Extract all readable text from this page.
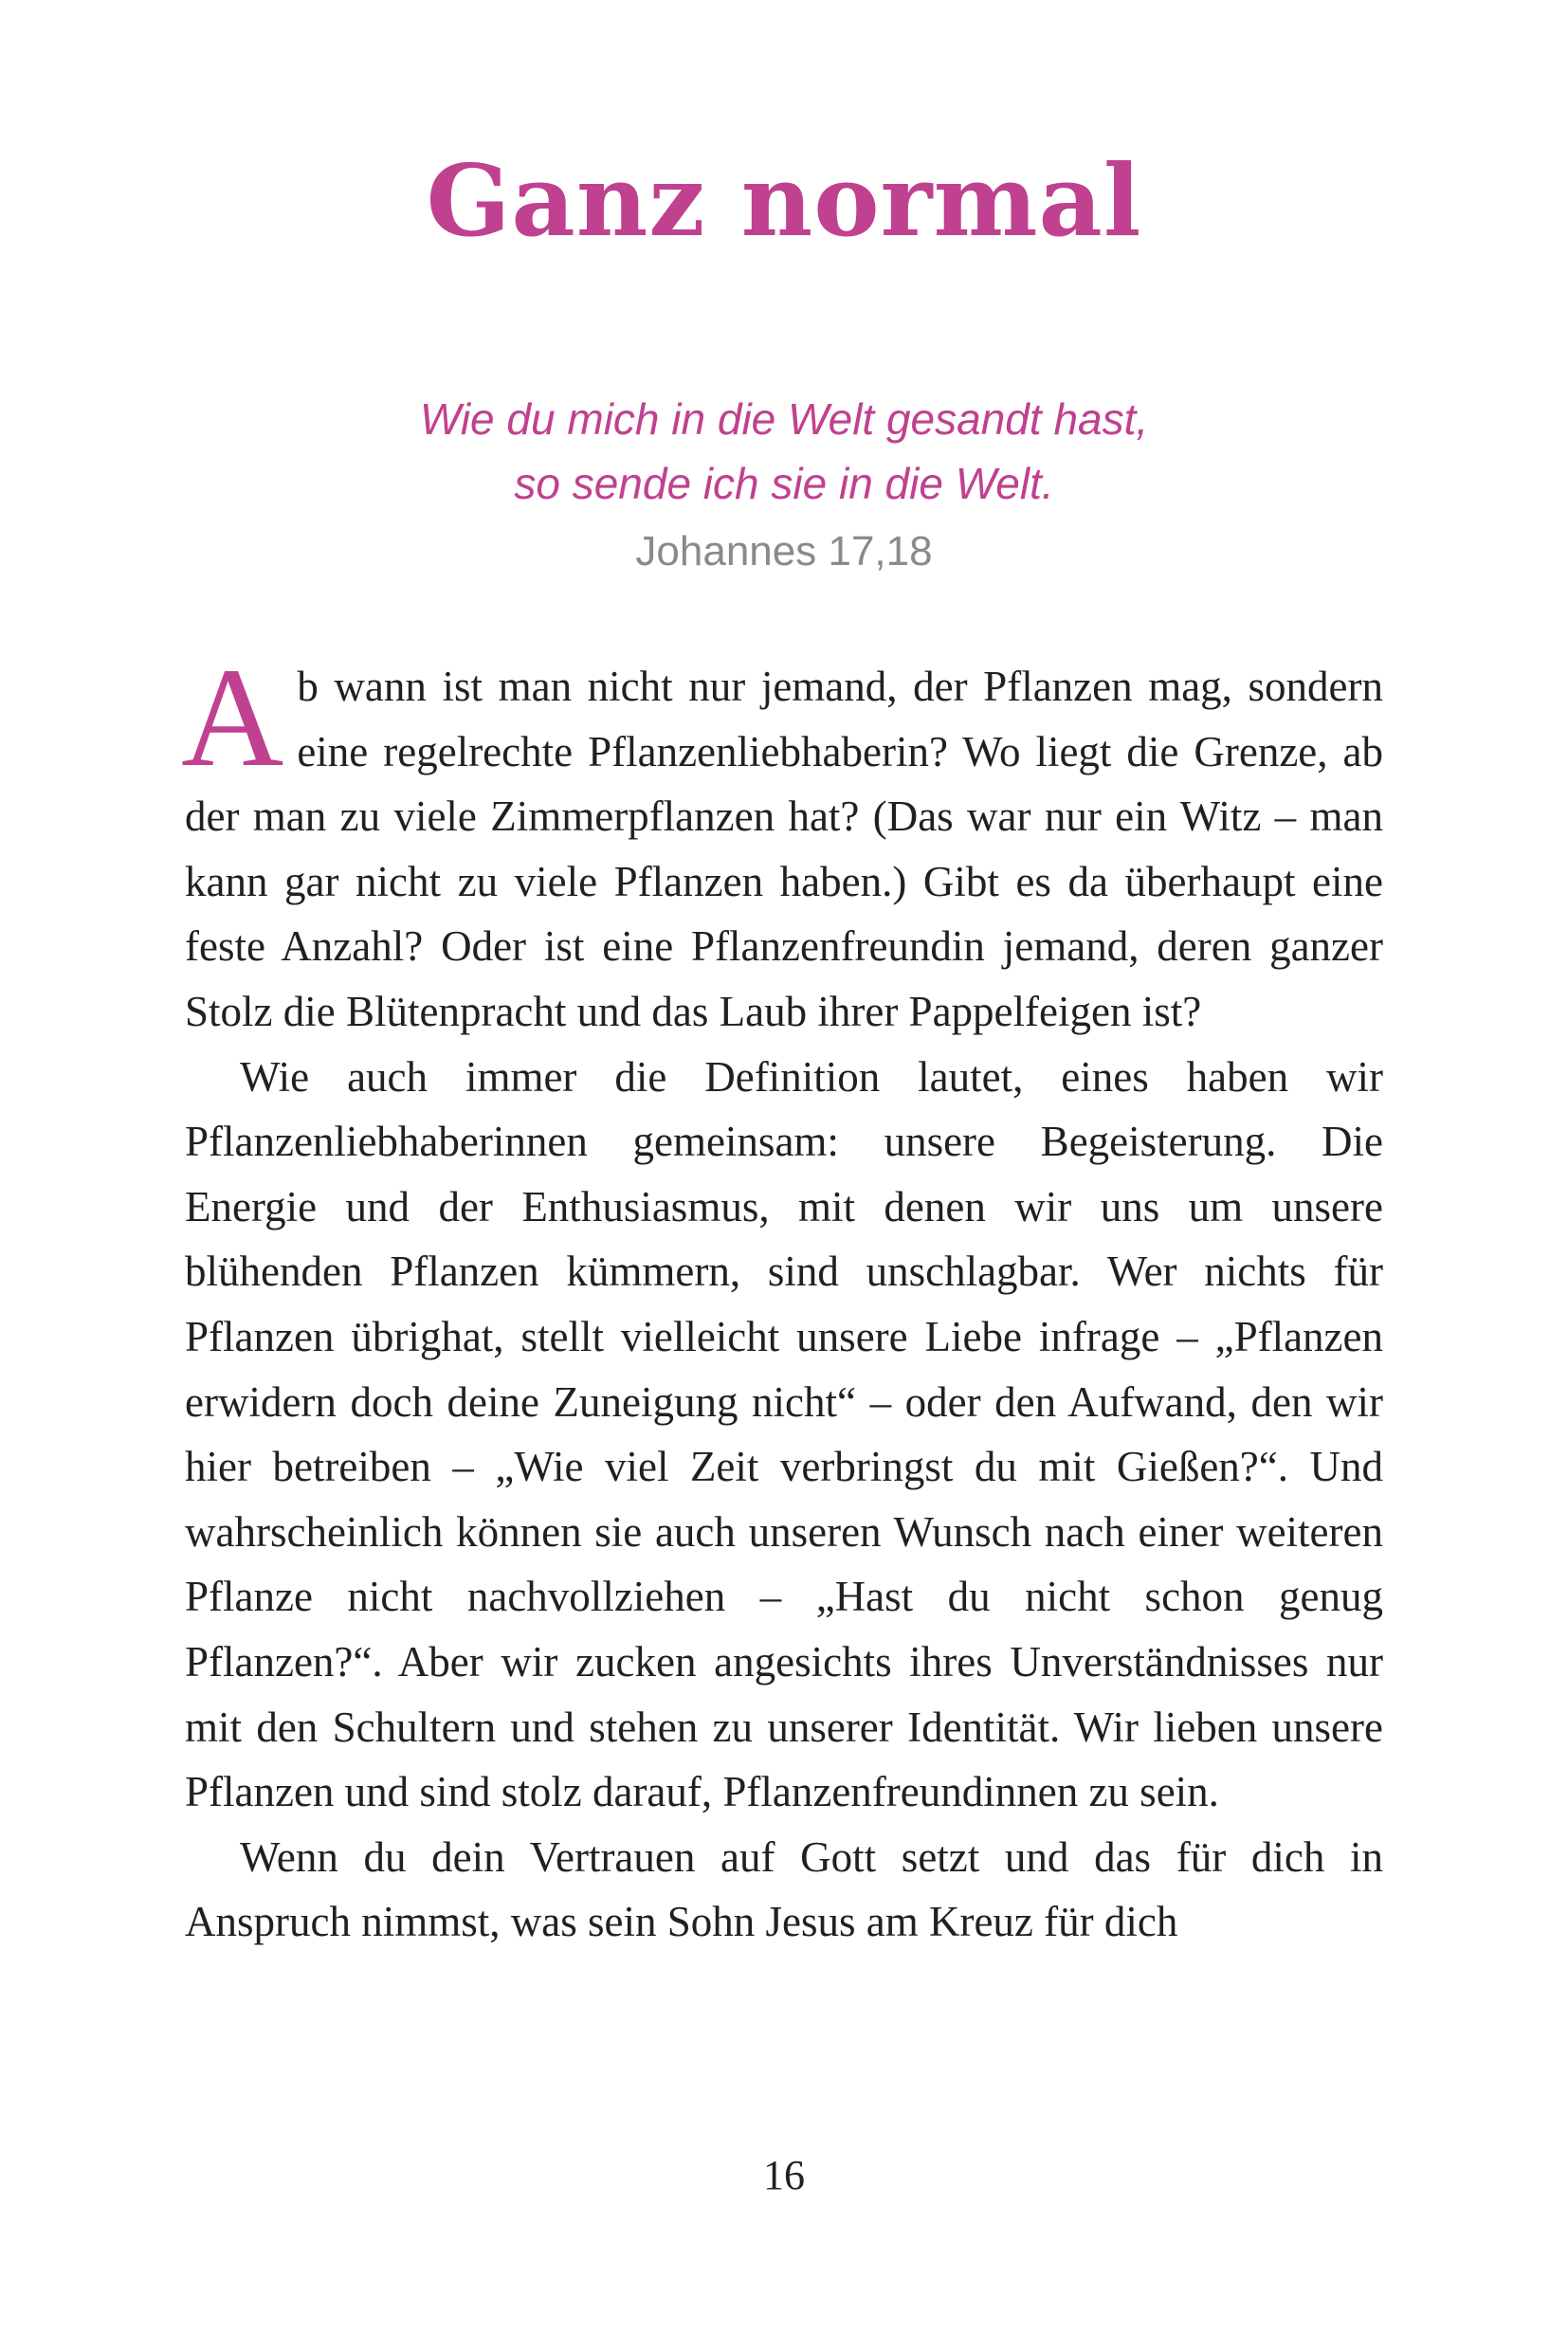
Ganz normal
Wie du mich in die Welt gesandt hast,
so sende ich sie in die Welt.
Johannes 17,18

Ab wann ist man nicht nur jemand, der Pflanzen mag, sondern eine regelrechte Pflanzenliebhaberin? Wo liegt die Grenze, ab der man zu viele Zimmerpflanzen hat? (Das war nur ein Witz – man kann gar nicht zu viele Pflanzen haben.) Gibt es da überhaupt eine feste Anzahl? Oder ist eine Pflanzenfreundin jemand, deren ganzer Stolz die Blütenpracht und das Laub ihrer Pappelfeigen ist?

Wie auch immer die Definition lautet, eines haben wir Pflanzenliebhaberinnen gemeinsam: unsere Begeisterung. Die Energie und der Enthusiasmus, mit denen wir uns um unsere blühenden Pflanzen kümmern, sind unschlagbar. Wer nichts für Pflanzen übrighat, stellt vielleicht unsere Liebe infrage – „Pflanzen erwidern doch deine Zuneigung nicht“ – oder den Aufwand, den wir hier betreiben – „Wie viel Zeit verbringst du mit Gießen?“. Und wahrscheinlich können sie auch unseren Wunsch nach einer weiteren Pflanze nicht nachvollziehen – „Hast du nicht schon genug Pflanzen?“. Aber wir zucken angesichts ihres Unverständnisses nur mit den Schultern und stehen zu unserer Identität. Wir lieben unsere Pflanzen und sind stolz darauf, Pflanzenfreundinnen zu sein.

Wenn du dein Vertrauen auf Gott setzt und das für dich in Anspruch nimmst, was sein Sohn Jesus am Kreuz für dich

16
